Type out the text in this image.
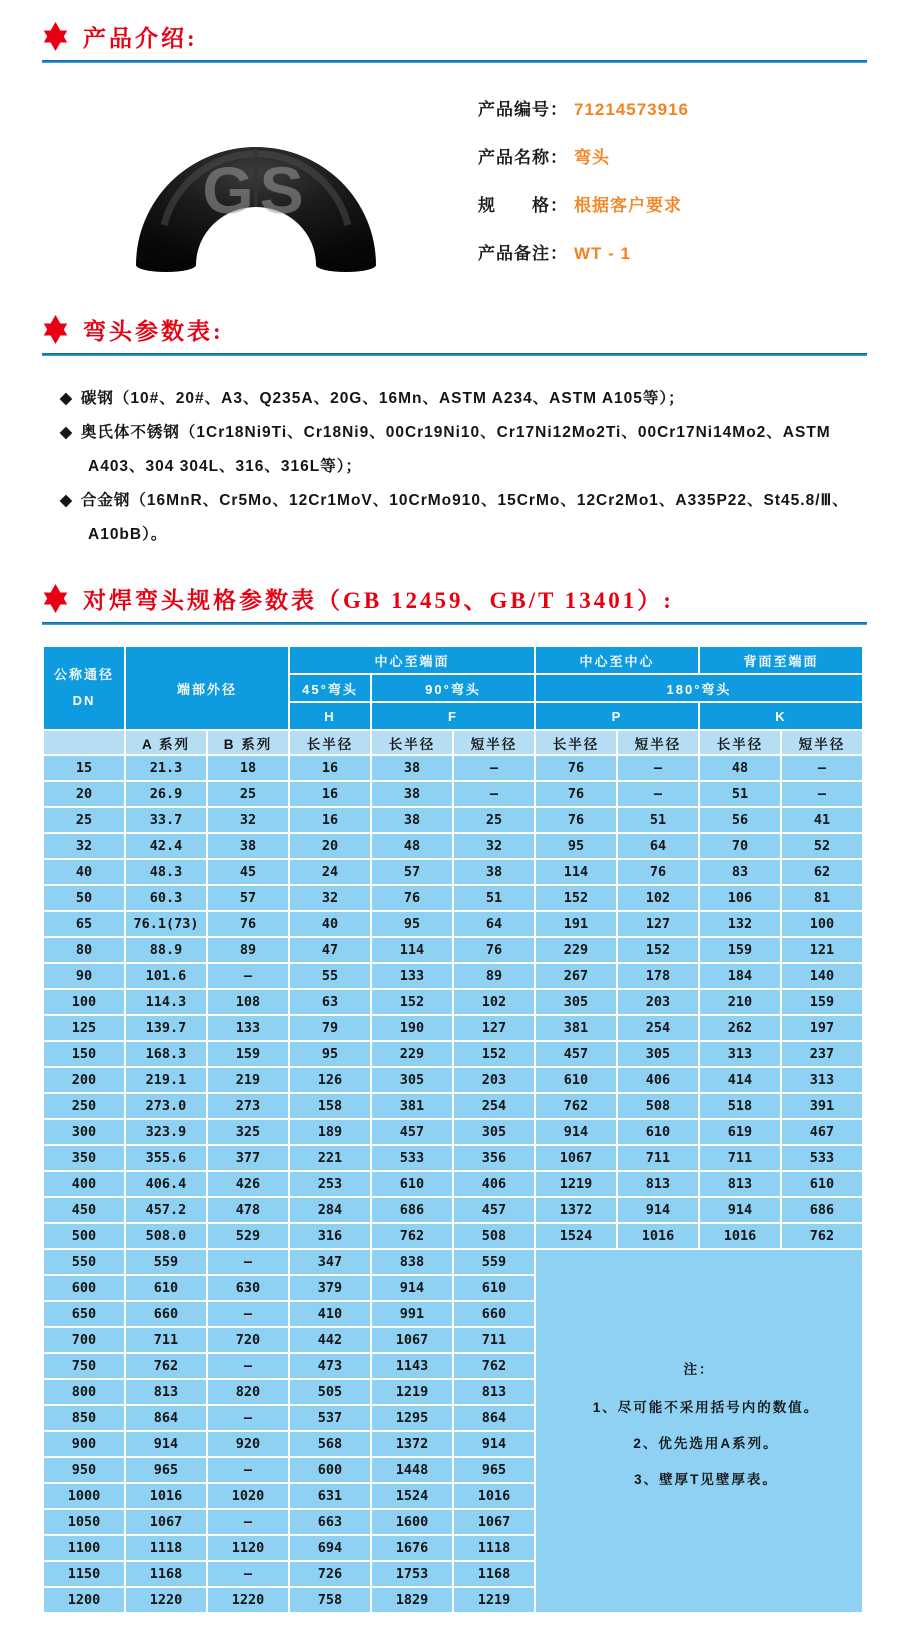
产品介绍:
GS
产品编号： 71214573916
产品名称： 弯头
规　　格： 根据客户要求
产品备注： WT - 1
弯头参数表:
◆ 碳钢（10#、20#、A3、Q235A、20G、16Mn、ASTM A234、ASTM A105等）；
◆ 奥氏体不锈钢（1Cr18Ni9Ti、Cr18Ni9、00Cr19Ni10、Cr17Ni12Mo2Ti、00Cr17Ni14Mo2、ASTM A403、304 304L、316、316L等）；
◆ 合金钢（16MnR、Cr5Mo、12Cr1MoV、10CrMo910、15CrMo、12Cr2Mo1、A335P22、St45.8/Ⅲ、A10bB）。
对焊弯头规格参数表（GB 12459、GB/T 13401）:
公称通径
DN	端部外径		中心至端面			中心至中心		背面至端面	
			45°弯头	90°弯头		180°弯头			
			H	F		P		K	
	A 系列	B 系列	长半径	长半径	短半径	长半径	短半径	长半径	短半径
15	21.3	18	16	38	—	76	—	48	—
20	26.9	25	16	38	—	76	—	51	—
25	33.7	32	16	38	25	76	51	56	41
32	42.4	38	20	48	32	95	64	70	52
40	48.3	45	24	57	38	114	76	83	62
50	60.3	57	32	76	51	152	102	106	81
65	76.1(73)	76	40	95	64	191	127	132	100
80	88.9	89	47	114	76	229	152	159	121
90	101.6	—	55	133	89	267	178	184	140
100	114.3	108	63	152	102	305	203	210	159
125	139.7	133	79	190	127	381	254	262	197
150	168.3	159	95	229	152	457	305	313	237
200	219.1	219	126	305	203	610	406	414	313
250	273.0	273	158	381	254	762	508	518	391
300	323.9	325	189	457	305	914	610	619	467
350	355.6	377	221	533	356	1067	711	711	533
400	406.4	426	253	610	406	1219	813	813	610
450	457.2	478	284	686	457	1372	914	914	686
500	508.0	529	316	762	508	1524	1016	1016	762
550	559	—	347	838	559	注：
1、尽可能不采用括号内的数值。
2、优先选用A系列。
3、壁厚T见壁厚表。			

600	610	630	379	914	610				
650	660	—	410	991	660				
700	711	720	442	1067	711				
750	762	—	473	1143	762				
800	813	820	505	1219	813				
850	864	—	537	1295	864				
900	914	920	568	1372	914				
950	965	—	600	1448	965				
1000	1016	1020	631	1524	1016				
1050	1067	—	663	1600	1067				
1100	1118	1120	694	1676	1118				
1150	1168	—	726	1753	1168				
1200	1220	1220	758	1829	1219				
